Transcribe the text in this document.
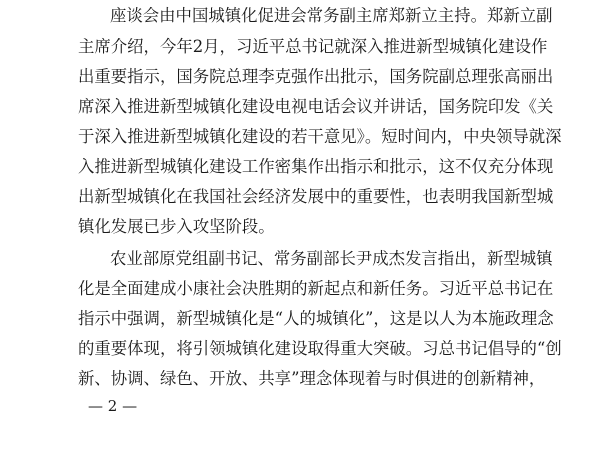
座谈会由中国城镇化促进会常务副主席郑新立主持。郑新立副
主席介绍，今年2月，习近平总书记就深入推进新型城镇化建设作
出重要指示，国务院总理李克强作出批示，国务院副总理张高丽出
席深入推进新型城镇化建设电视电话会议并讲话，国务院印发《关
于深入推进新型城镇化建设的若干意见》。短时间内，中央领导就深
入推进新型城镇化建设工作密集作出指示和批示，这不仅充分体现
出新型城镇化在我国社会经济发展中的重要性，也表明我国新型城
镇化发展已步入攻坚阶段。
农业部原党组副书记、常务副部长尹成杰发言指出，新型城镇
化是全面建成小康社会决胜期的新起点和新任务。习近平总书记在
指示中强调，新型城镇化是“人的城镇化”，这是以人为本施政理念
的重要体现，将引领城镇化建设取得重大突破。习总书记倡导的“创
新、协调、绿色、开放、共享”理念体现着与时俱进的创新精神，
— 2 —
